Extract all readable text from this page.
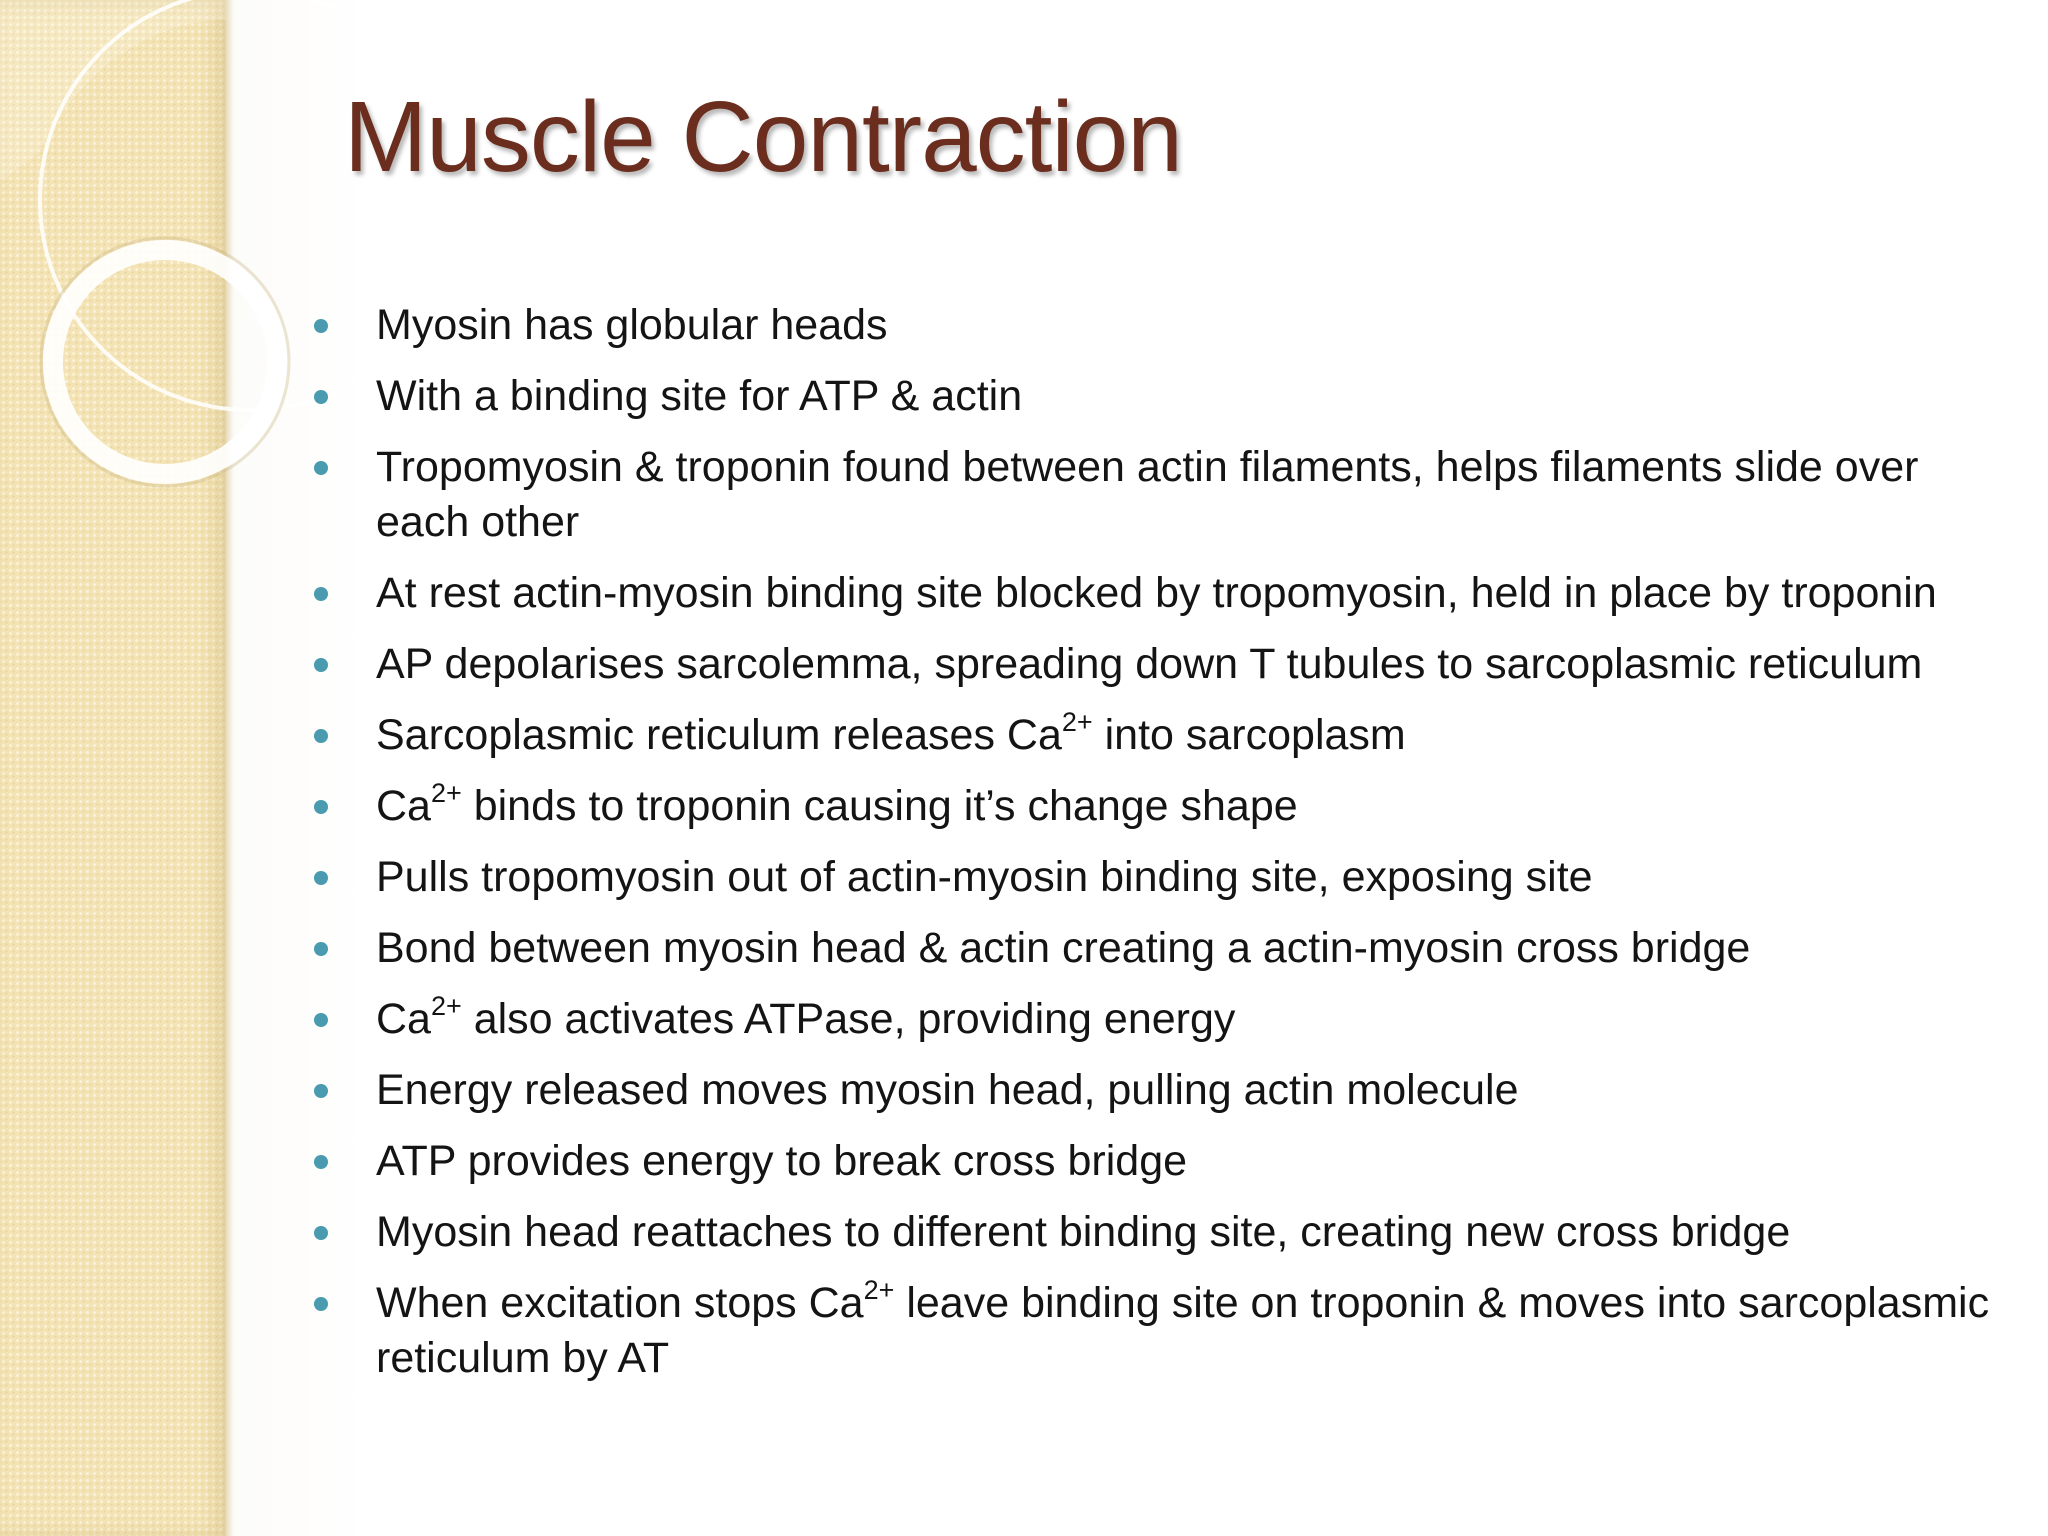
Muscle Contraction
Myosin has globular heads
With a binding site for ATP & actin
Tropomyosin & troponin found between actin filaments, helps filaments slide over each other
At rest actin-myosin binding site blocked by tropomyosin, held in place by troponin
AP depolarises sarcolemma, spreading down T tubules to sarcoplasmic reticulum
Sarcoplasmic reticulum releases $Ca^{2+}$ into sarcoplasm
$Ca^{2+}$ binds to troponin causing it’s change shape
Pulls tropomyosin out of actin-myosin binding site, exposing site
Bond between myosin head & actin creating a actin-myosin cross bridge
$Ca^{2+}$ also activates ATPase, providing energy
Energy released moves myosin head, pulling actin molecule
ATP provides energy to break cross bridge
Myosin head reattaches to different binding site, creating new cross bridge
When excitation stops $Ca^{2+}$ leave binding site on troponin & moves into sarcoplasmic reticulum by AT
